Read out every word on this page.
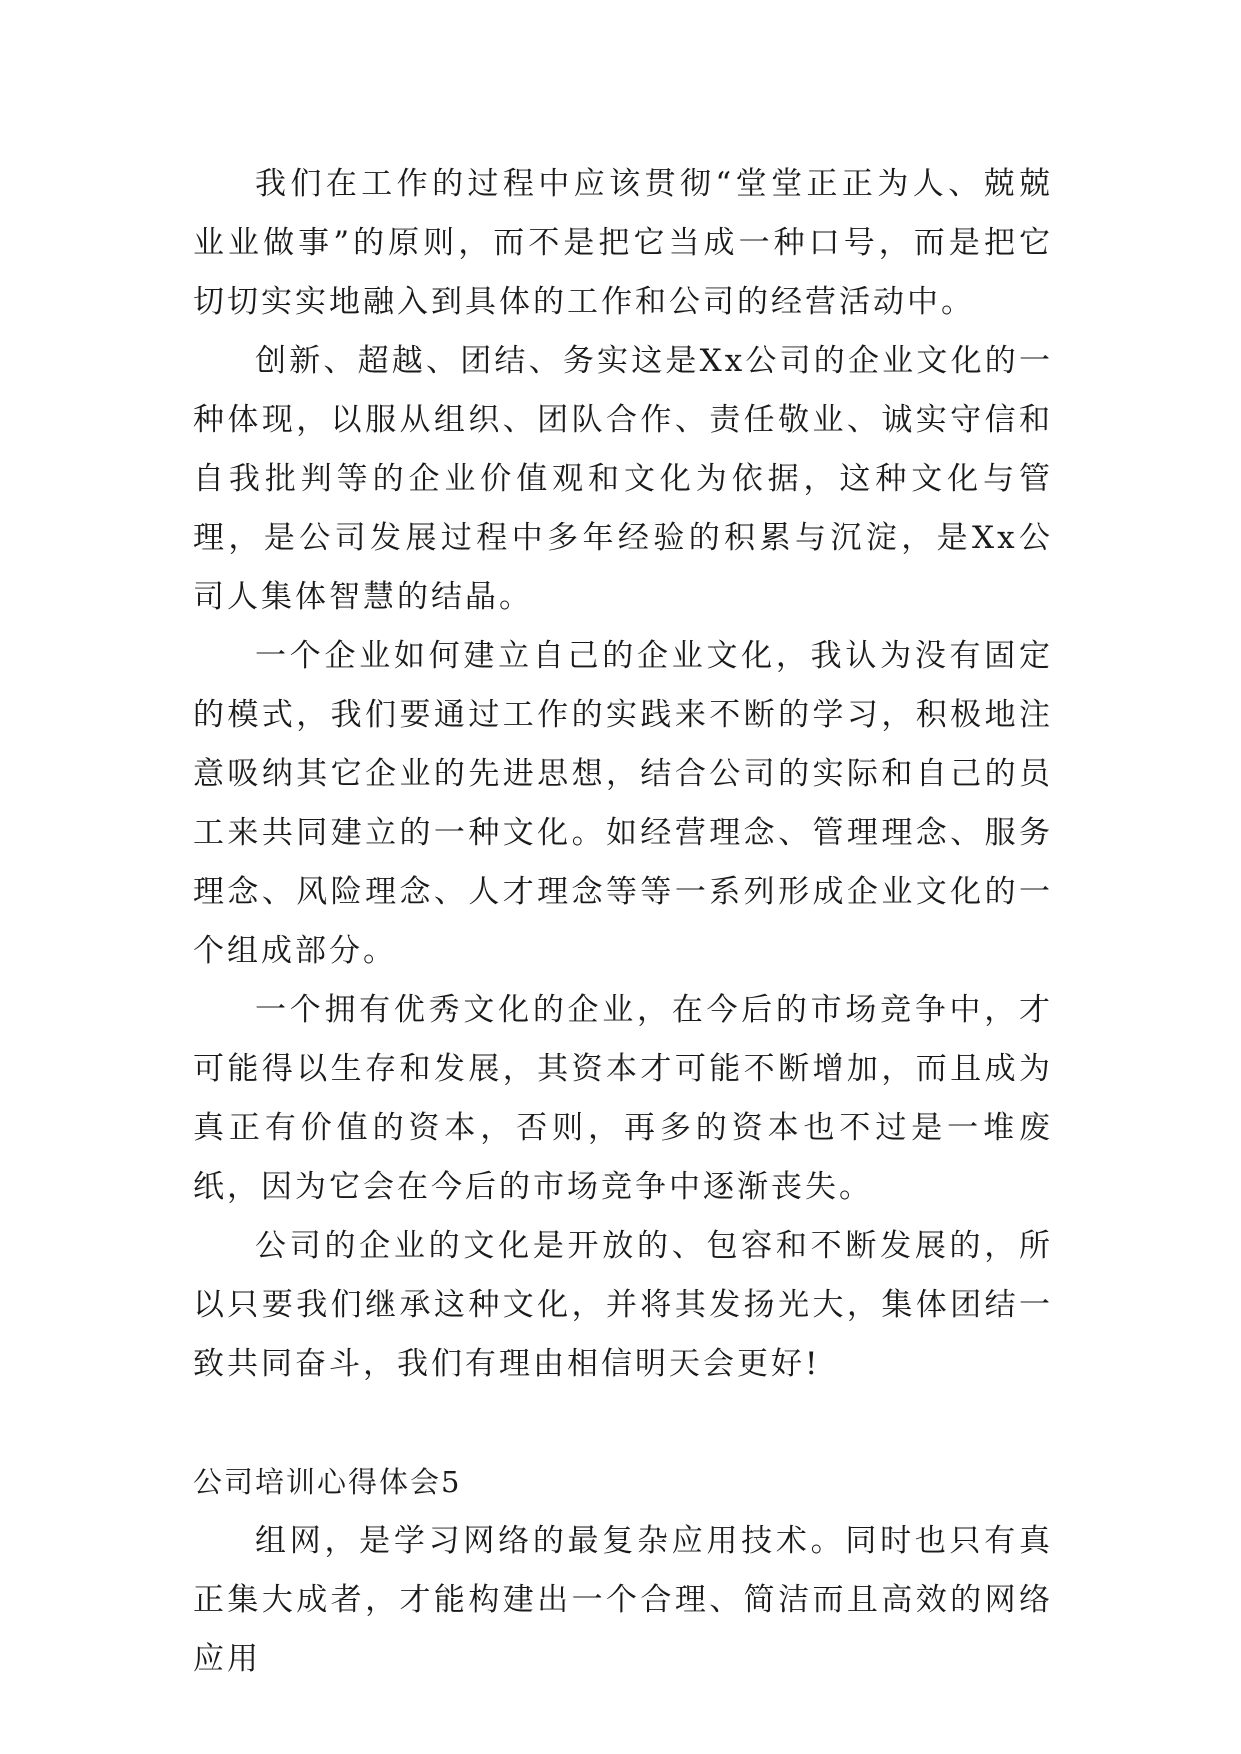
我们在工作的过程中应该贯彻“堂堂正正为人、兢兢业业做事”的原则，而不是把它当成一种口号，而是把它切切实实地融入到具体的工作和公司的经营活动中。

创新、超越、团结、务实这是Xx公司的企业文化的一种体现，以服从组织、团队合作、责任敬业、诚实守信和自我批判等的企业价值观和文化为依据，这种文化与管理，是公司发展过程中多年经验的积累与沉淀，是Xx公司人集体智慧的结晶。

一个企业如何建立自己的企业文化，我认为没有固定的模式，我们要通过工作的实践来不断的学习，积极地注意吸纳其它企业的先进思想，结合公司的实际和自己的员工来共同建立的一种文化。如经营理念、管理理念、服务理念、风险理念、人才理念等等一系列形成企业文化的一个组成部分。

一个拥有优秀文化的企业，在今后的市场竞争中，才可能得以生存和发展，其资本才可能不断增加，而且成为真正有价值的资本，否则，再多的资本也不过是一堆废纸，因为它会在今后的市场竞争中逐渐丧失。

公司的企业的文化是开放的、包容和不断发展的，所以只要我们继承这种文化，并将其发扬光大，集体团结一致共同奋斗，我们有理由相信明天会更好!

公司培训心得体会5

组网，是学习网络的最复杂应用技术。同时也只有真正集大成者，才能构建出一个合理、简洁而且高效的网络应用
